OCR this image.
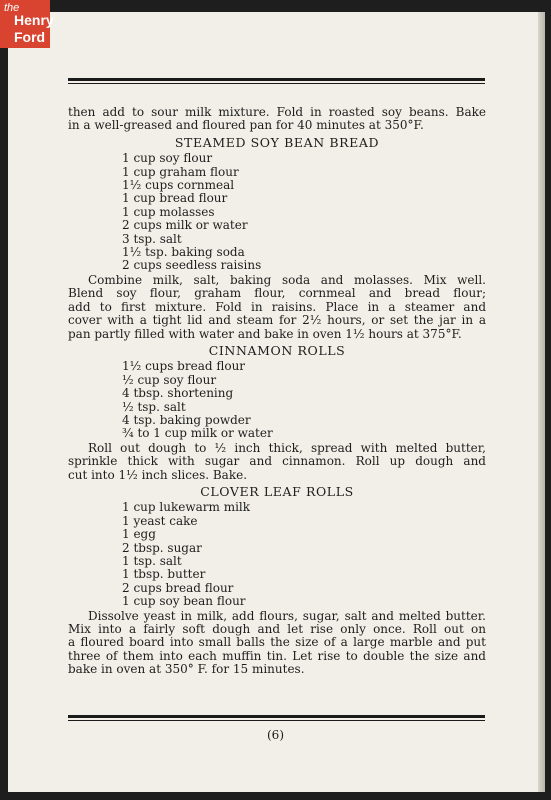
the
Henry
Ford

then add to sour milk mixture. Fold in roasted soy beans. Bake

in a well-greased and floured pan for 40 minutes at 350°F.

STEAMED SOY BEAN BREAD
1 cup soy flour
1 cup graham flour
1½ cups cornmeal
1 cup bread flour
1 cup molasses
2 cups milk or water
3 tsp. salt
1½ tsp. baking soda
2 cups seedless raisins

Combine milk, salt, baking soda and molasses. Mix well.

Blend soy flour, graham flour, cornmeal and bread flour;

add to first mixture. Fold in raisins. Place in a steamer and

cover with a tight lid and steam for 2½ hours, or set the jar in a

pan partly filled with water and bake in oven 1½ hours at 375°F.

CINNAMON ROLLS
1½ cups bread flour
½ cup soy flour
4 tbsp. shortening
½ tsp. salt
4 tsp. baking powder
¾ to 1 cup milk or water

Roll out dough to ½ inch thick, spread with melted butter,

sprinkle thick with sugar and cinnamon. Roll up dough and

cut into 1½ inch slices. Bake.

CLOVER LEAF ROLLS
1 cup lukewarm milk
1 yeast cake
1 egg
2 tbsp. sugar
1 tsp. salt
1 tbsp. butter
2 cups bread flour
1 cup soy bean flour

Dissolve yeast in milk, add flours, sugar, salt and melted butter.

Mix into a fairly soft dough and let rise only once. Roll out on

a floured board into small balls the size of a large marble and put

three of them into each muffin tin. Let rise to double the size and

bake in oven at 350° F. for 15 minutes.

(6)
